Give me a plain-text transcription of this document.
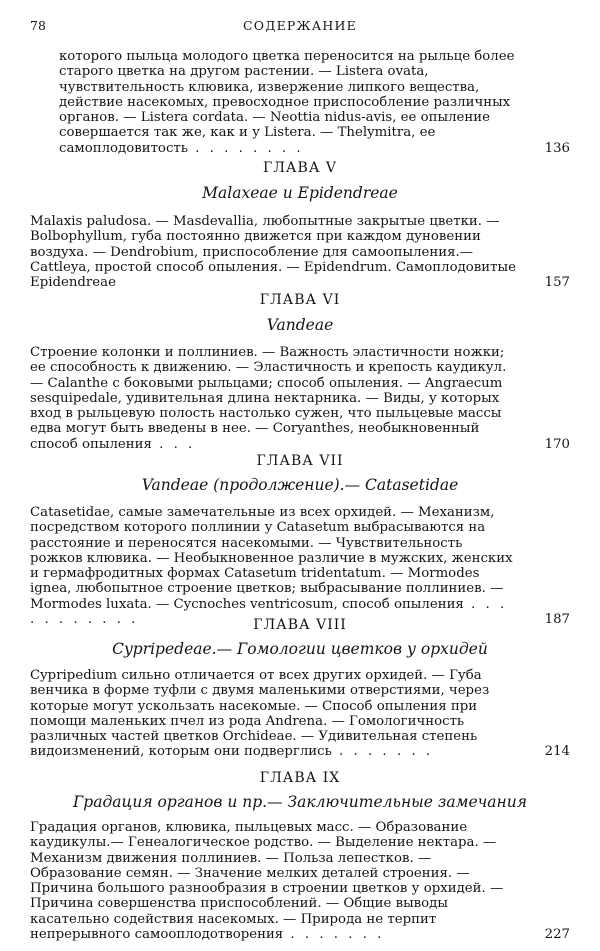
78	СОДЕРЖАНИЕ
которого пыльца молодого цветка переносится на рыльце более старого цветка на другом растении. — Listera ovata, чувствительность клювика, извержение липкого вещества, действие насекомых, превосходное приспособление различных органов. — Listera cordata. — Neottia nidus-avis, ее опыление совершается так же, как и у Listera. — Thelymitra, ее самоплодовитость . . . . . . . .	136
ГЛАВА V
Malaxeae и Epidendreae
Malaxis paludosa. — Masdevallia, любопытные закрытые цветки. — Bolbophyllum, губа постоянно движется при каждом дуновении воздуха. — Dendrobium, приспособление для самоопыления.— Cattleya, простой способ опыления. — Epidendrum. Самоплодовитые Epidendreae	157
ГЛАВА VI
Vandeae
Строение колонки и поллиниев. — Важность эластичности ножки; ее способность к движению. — Эластичность и крепость каудикул. — Calanthe с боковыми рыльцами; способ опыления. — Angraecum sesquipedale, удивительная длина нектарника. — Виды, у которых вход в рыльцевую полость настолько сужен, что пыльцевые массы едва могут быть введены в нее. — Coryanthes, необыкновенный способ опыления . . .	170
ГЛАВА VII
Vandeae (продолжение).— Catasetidae
Catasetidae, самые замечательные из всех орхидей. — Механизм, посредством которого поллинии у Catasetum выбрасываются на расстояние и переносятся насекомыми. — Чувствительность рожков клювика. — Необыкновенное различие в мужских, женских и гермафродитных формах Catasetum tridentatum. — Mormodes ignea, любопытное строение цветков; выбрасывание поллиниев. — Mormodes luxata. — Cycnoches ventricosum, способ опыления . . . . . . . . . . .	187
ГЛАВА VIII
Cypripedeae.— Гомологии цветков у орхидей
Cypripedium сильно отличается от всех других орхидей. — Губа венчика в форме туфли с двумя маленькими отверстиями, через которые могут ускользать насекомые. — Способ опыления при помощи маленьких пчел из рода Andrena. — Гомологичность различных частей цветков Orchideae. — Удивительная степень видоизменений, которым они подверглись . . . . . . .	214
ГЛАВА IX
Градация органов и пр.— Заключительные замечания
Градация органов, клювика, пыльцевых масс. — Образование каудикулы.— Генеалогическое родство. — Выделение нектара. — Механизм движения поллиниев. — Польза лепестков. — Образование семян. — Значение мелких деталей строения. — Причина большого разнообразия в строении цветков у орхидей. — Причина совершенства приспособлений. — Общие выводы касательно содействия насекомых. — Природа не терпит непрерывного самооплодотворения . . . . . . .	227
